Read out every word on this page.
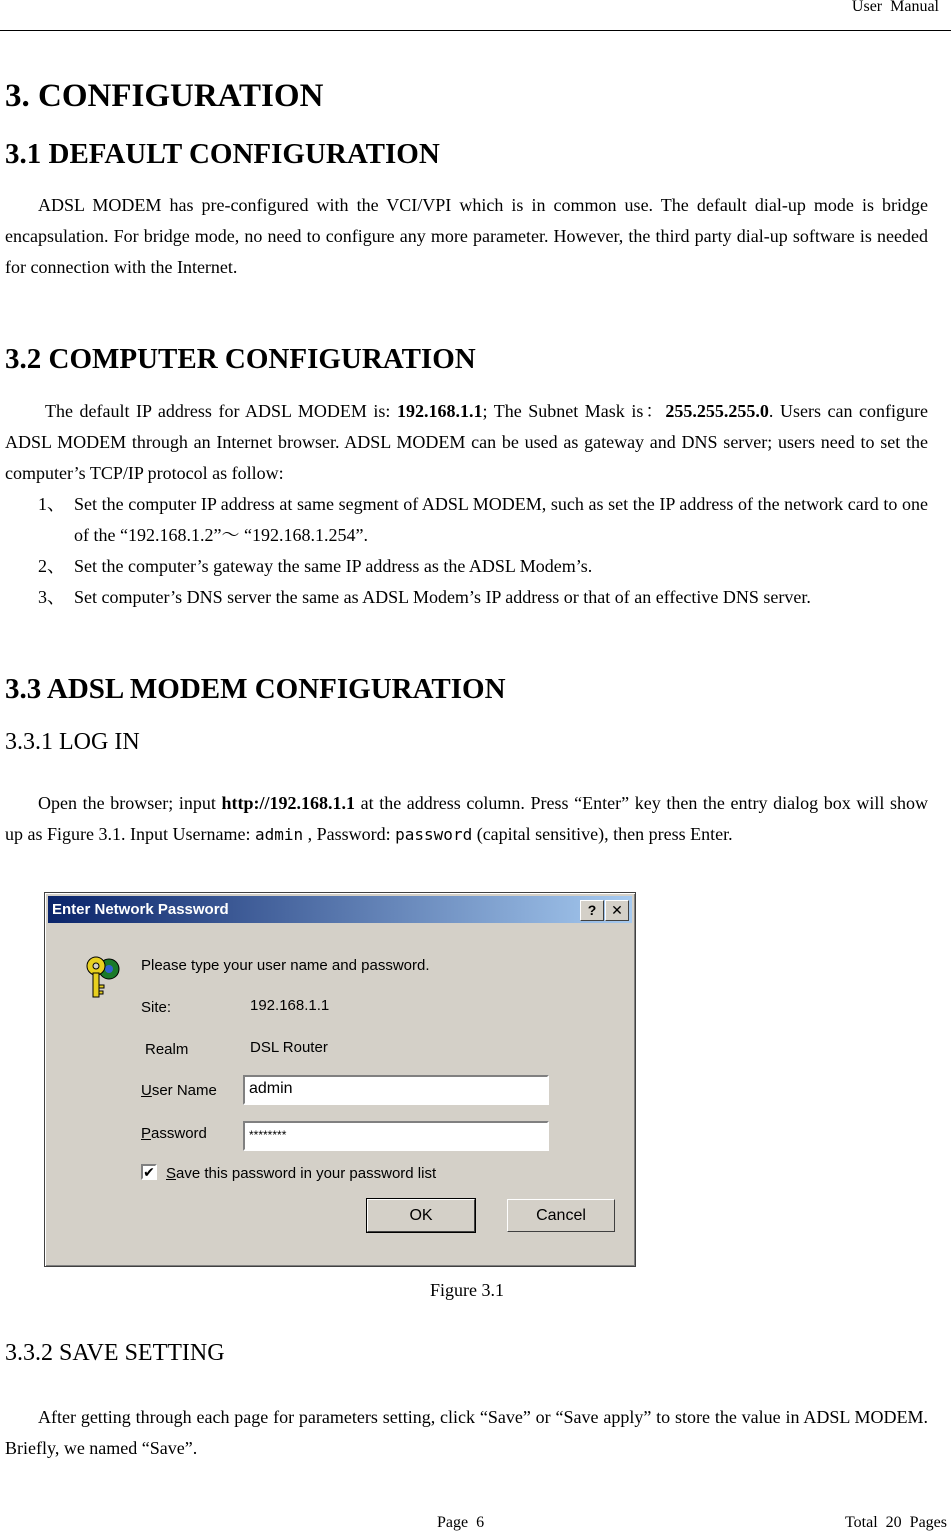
User Manual
3. CONFIGURATION
3.1 DEFAULT CONFIGURATION

ADSL MODEM has pre-configured with the VCI/VPI which is in common use. The default dial-up mode is bridge encapsulation. For bridge mode, no need to configure any more parameter. However, the third party dial-up software is needed for connection with the Internet.

3.2 COMPUTER CONFIGURATION

The default IP address for ADSL MODEM is: 192.168.1.1; The Subnet Mask is：255.255.255.0. Users can configure ADSL MODEM through an Internet browser. ADSL MODEM can be used as gateway and DNS server; users need to set the computer’s TCP/IP protocol as follow:

1、 Set the computer IP address at same segment of ADSL MODEM, such as set the IP address of the network card to one of the “192.168.1.2”～ “192.168.1.254”.
2、 Set the computer’s gateway the same IP address as the ADSL Modem’s.
3、 Set computer’s DNS server the same as ADSL Modem’s IP address or that of an effective DNS server.
3.3 ADSL MODEM CONFIGURATION
3.3.1 LOG IN

Open the browser; input http://192.168.1.1 at the address column. Press “Enter” key then the entry dialog box will show up as Figure 3.1. Input Username: admin , Password: password (capital sensitive), then press Enter.

Enter Network Password	?	✕
Please type your user name and password.
Site:	192.168.1.1
Realm	DSL Router
User Name admin
Password	********
✔ Save this password in your password list
OK	Cancel
Figure 3.1
3.3.2 SAVE SETTING

After getting through each page for parameters setting, click “Save” or “Save apply” to store the value in ADSL MODEM. Briefly, we named “Save”.

Page 6	Total 20 Pages
